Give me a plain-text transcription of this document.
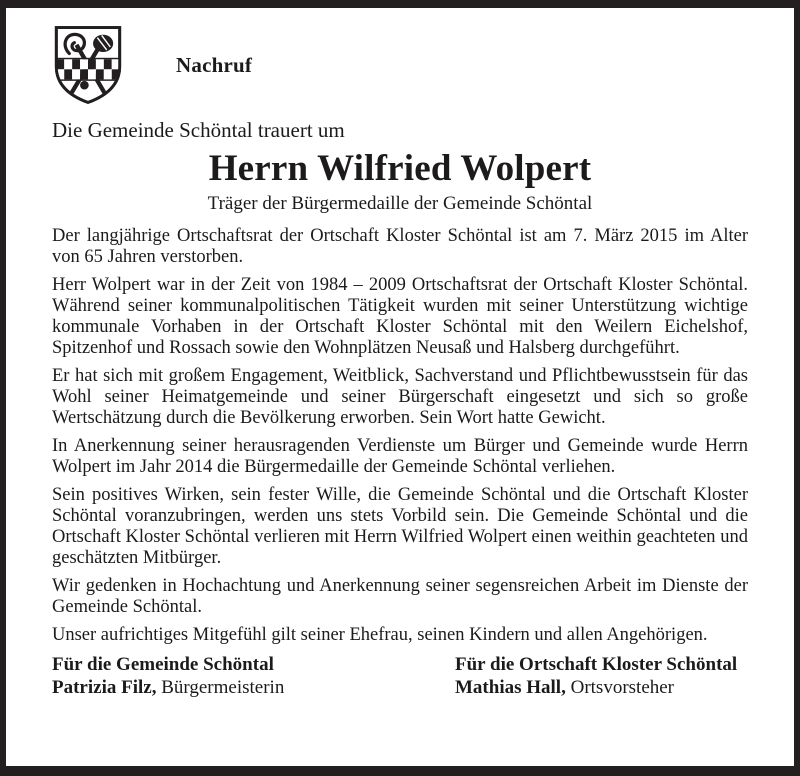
Nachruf

Die Gemeinde Schöntal trauert um

Herrn Wilfried Wolpert

Träger der Bürgermedaille der Gemeinde Schöntal

Der langjährige Ortschaftsrat der Ortschaft Kloster Schöntal ist am 7. März 2015 im Alter von 65 Jahren verstorben.

Herr Wolpert war in der Zeit von 1984 – 2009 Ortschaftsrat der Ortschaft Kloster Schöntal. Während seiner kommunalpolitischen Tätigkeit wurden mit seiner Unterstützung wichtige kommunale Vorhaben in der Ortschaft Kloster Schöntal mit den Weilern Eichelshof, Spitzenhof und Rossach sowie den Wohnplätzen Neusaß und Halsberg durchgeführt.

Er hat sich mit großem Engagement, Weitblick, Sachverstand und Pflichtbewusstsein für das Wohl seiner Heimatgemeinde und seiner Bürgerschaft eingesetzt und sich so große Wertschätzung durch die Bevölkerung erworben. Sein Wort hatte Gewicht.

In Anerkennung seiner herausragenden Verdienste um Bürger und Gemeinde wurde Herrn Wolpert im Jahr 2014 die Bürgermedaille der Gemeinde Schöntal verliehen.

Sein positives Wirken, sein fester Wille, die Gemeinde Schöntal und die Ortschaft Kloster Schöntal voranzubringen, werden uns stets Vorbild sein. Die Gemeinde Schöntal und die Ortschaft Kloster Schöntal verlieren mit Herrn Wilfried Wolpert einen weithin geachteten und geschätzten Mitbürger.

Wir gedenken in Hochachtung und Anerkennung seiner segensreichen Arbeit im Dienste der Gemeinde Schöntal.

Unser aufrichtiges Mitgefühl gilt seiner Ehefrau, seinen Kindern und allen Angehörigen.

Für die Gemeinde Schöntal
Patrizia Filz, Bürgermeisterin
Für die Ortschaft Kloster Schöntal
Mathias Hall, Ortsvorsteher
